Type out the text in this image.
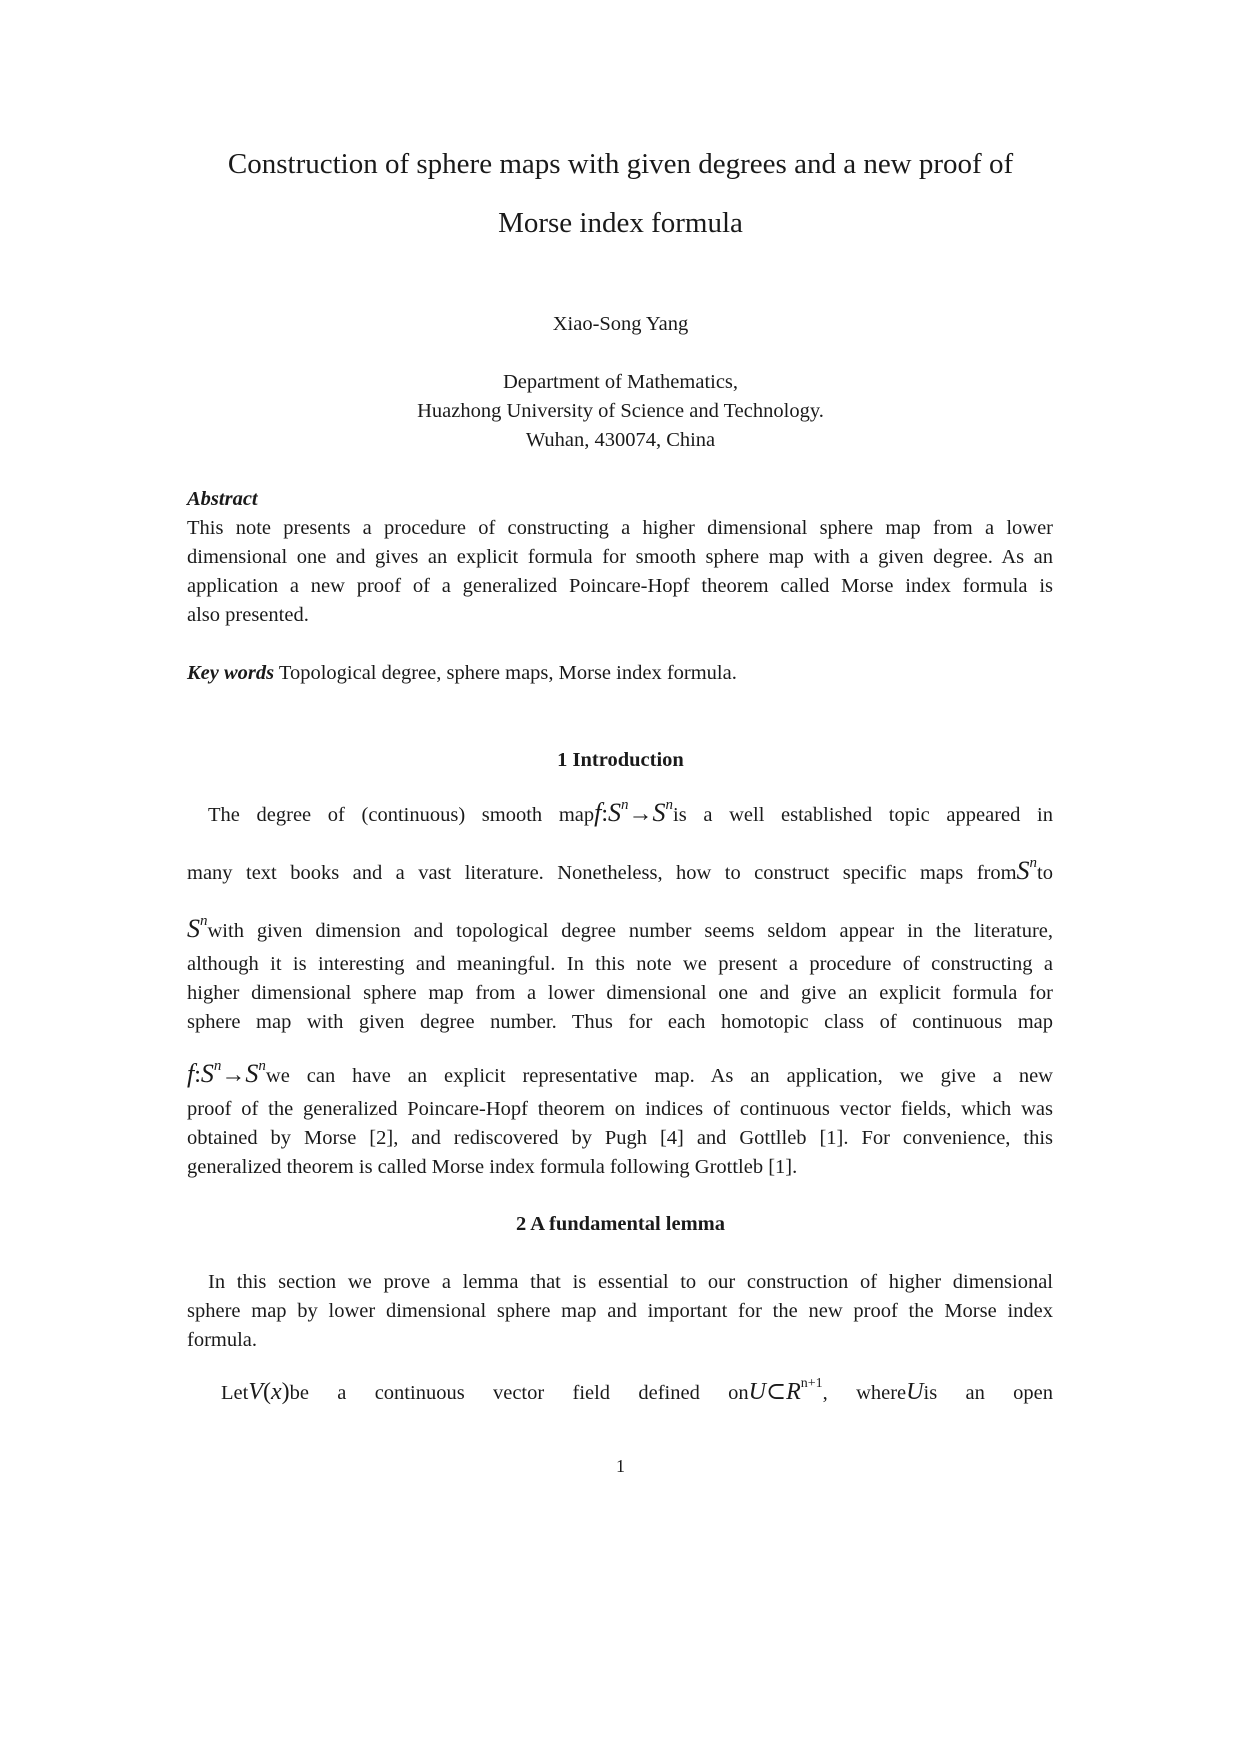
Construction of sphere maps with given degrees and a new proof of
Morse index formula
Xiao-Song Yang
Department of Mathematics,
Huazhong University of Science and Technology.
Wuhan, 430074, China
Abstract
This note presents a procedure of constructing a higher dimensional sphere map from a lower
dimensional one and gives an explicit formula for smooth sphere map with a given degree. As an
application a new proof of a generalized Poincare-Hopf theorem called Morse index formula is
also presented.
Key words Topological degree, sphere maps, Morse index formula.
1 Introduction
The degree of (continuous) smooth $mapf:S^n\to S^nis$ a well established topic appeared in
many text books and a vast literature. Nonetheless, how to construct specific maps fromS$^n$to
$S^nwith$ given dimension and topological degree number seems seldom appear in the literature,
although it is interesting and meaningful. In this note we present a procedure of constructing a
higher dimensional sphere map from a lower dimensional one and give an explicit formula for
sphere map with given degree number. Thus for each homotopic class of continuous map
$f:S^n\to S^nwe$ can have an explicit representative map. As an application, we give a new
proof of the generalized Poincare-Hopf theorem on indices of continuous vector fields, which was
obtained by Morse [2], and rediscovered by Pugh [4] and Gottlleb [1]. For convenience, this
generalized theorem is called Morse index formula following Grottleb [1].
2 A fundamental lemma
In this section we prove a lemma that is essential to our construction of higher dimensional
sphere map by lower dimensional sphere map and important for the new proof the Morse index
formula.
LetV(x)be a continuous vector field defined $onU\subset R^{n+1}$, whereUis an open
1
